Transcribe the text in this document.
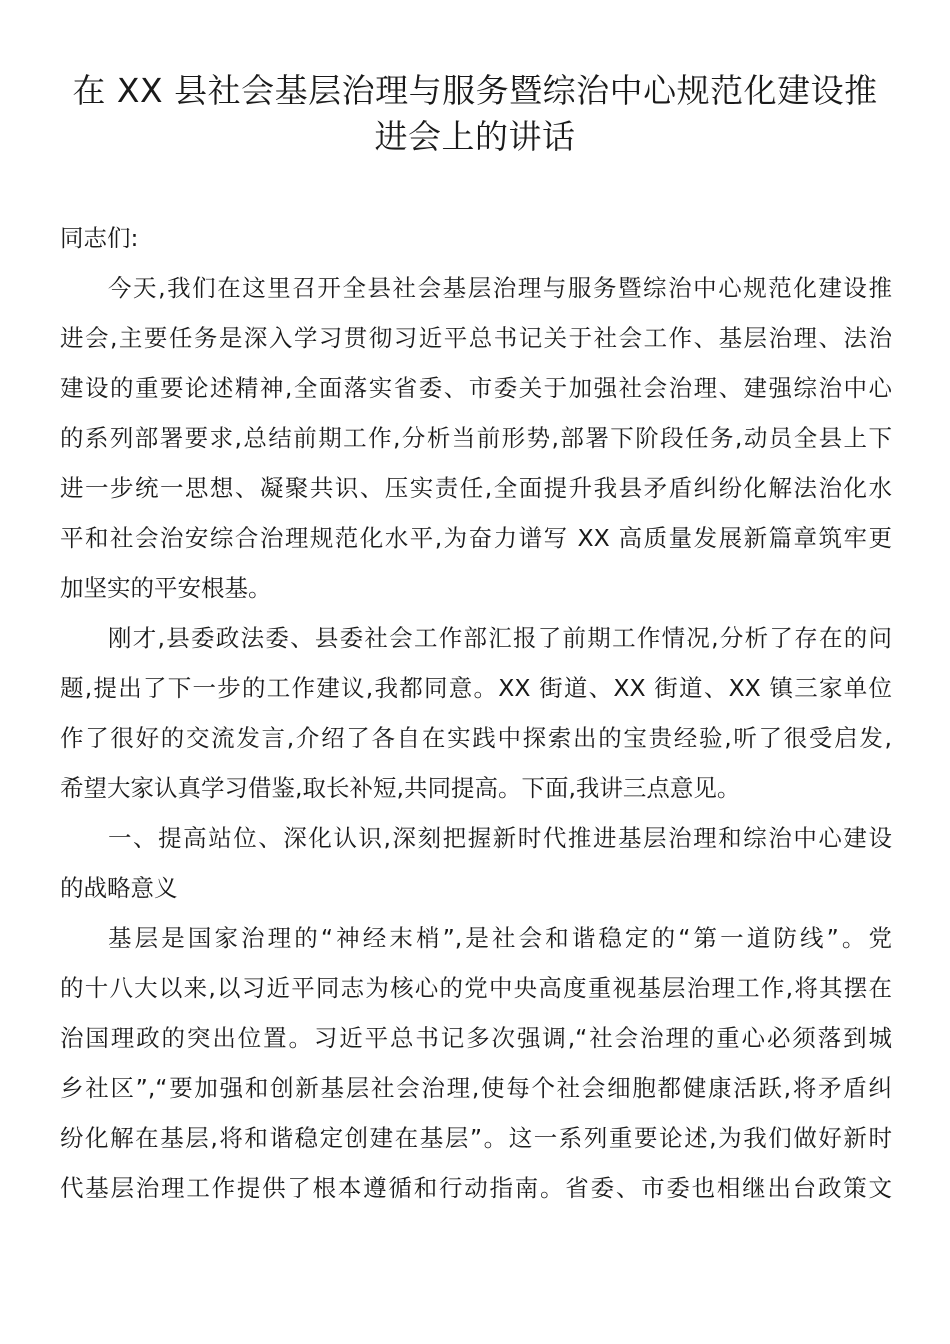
在 XX 县社会基层治理与服务暨综治中心规范化建设推
进会上的讲话

同志们:

今天,我们在这里召开全县社会基层治理与服务暨综治中心规范化建设推

进会,主要任务是深入学习贯彻习近平总书记关于社会工作、基层治理、法治

建设的重要论述精神,全面落实省委、市委关于加强社会治理、建强综治中心

的系列部署要求,总结前期工作,分析当前形势,部署下阶段任务,动员全县上下

进一步统一思想、凝聚共识、压实责任,全面提升我县矛盾纠纷化解法治化水

平和社会治安综合治理规范化水平,为奋力谱写 XX 高质量发展新篇章筑牢更

加坚实的平安根基。

刚才,县委政法委、县委社会工作部汇报了前期工作情况,分析了存在的问

题,提出了下一步的工作建议,我都同意。XX 街道、XX 街道、XX 镇三家单位

作了很好的交流发言,介绍了各自在实践中探索出的宝贵经验,听了很受启发,

希望大家认真学习借鉴,取长补短,共同提高。下面,我讲三点意见。

一、提高站位、深化认识,深刻把握新时代推进基层治理和综治中心建设

的战略意义

基层是国家治理的“神经末梢”,是社会和谐稳定的“第一道防线”。党

的十八大以来,以习近平同志为核心的党中央高度重视基层治理工作,将其摆在

治国理政的突出位置。习近平总书记多次强调,“社会治理的重心必须落到城

乡社区”,“要加强和创新基层社会治理,使每个社会细胞都健康活跃,将矛盾纠

纷化解在基层,将和谐稳定创建在基层”。这一系列重要论述,为我们做好新时

代基层治理工作提供了根本遵循和行动指南。省委、市委也相继出台政策文
